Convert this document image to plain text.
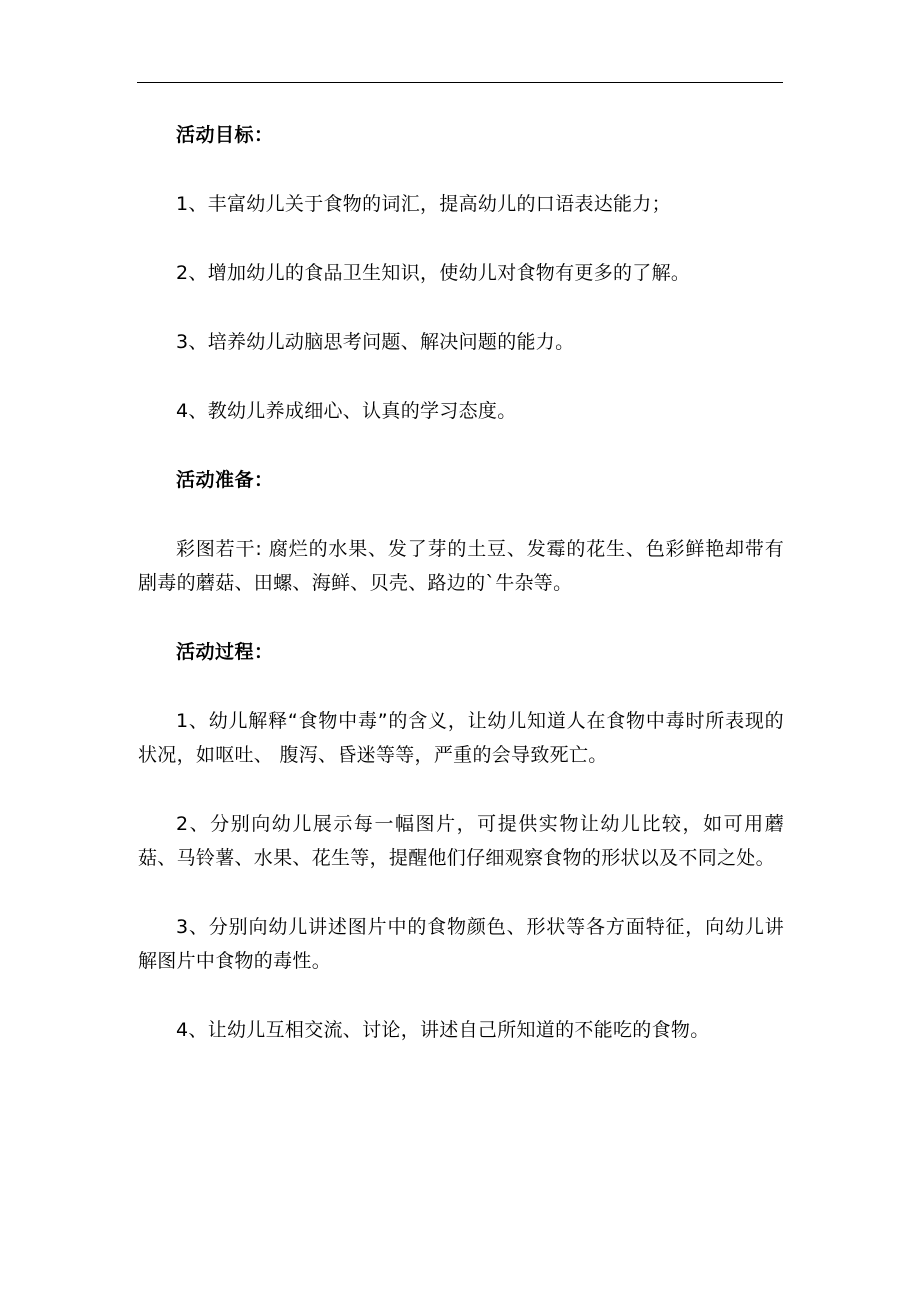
活动目标：
1、丰富幼儿关于食物的词汇，提高幼儿的口语表达能力；
2、增加幼儿的食品卫生知识，使幼儿对食物有更多的了解。
3、培养幼儿动脑思考问题、解决问题的能力。
4、教幼儿养成细心、认真的学习态度。
活动准备：
彩图若干: 腐烂的水果、发了芽的土豆、发霉的花生、色彩鲜艳却带有剧毒的蘑菇、田螺、海鲜、贝壳、路边的`牛杂等。
活动过程：
1、幼儿解释“食物中毒”的含义，让幼儿知道人在食物中毒时所表现的状况，如呕吐、 腹泻、昏迷等等，严重的会导致死亡。
2、分别向幼儿展示每一幅图片，可提供实物让幼儿比较，如可用蘑菇、马铃薯、水果、花生等，提醒他们仔细观察食物的形状以及不同之处。
3、分别向幼儿讲述图片中的食物颜色、形状等各方面特征，向幼儿讲解图片中食物的毒性。
4、让幼儿互相交流、讨论，讲述自己所知道的不能吃的食物。
